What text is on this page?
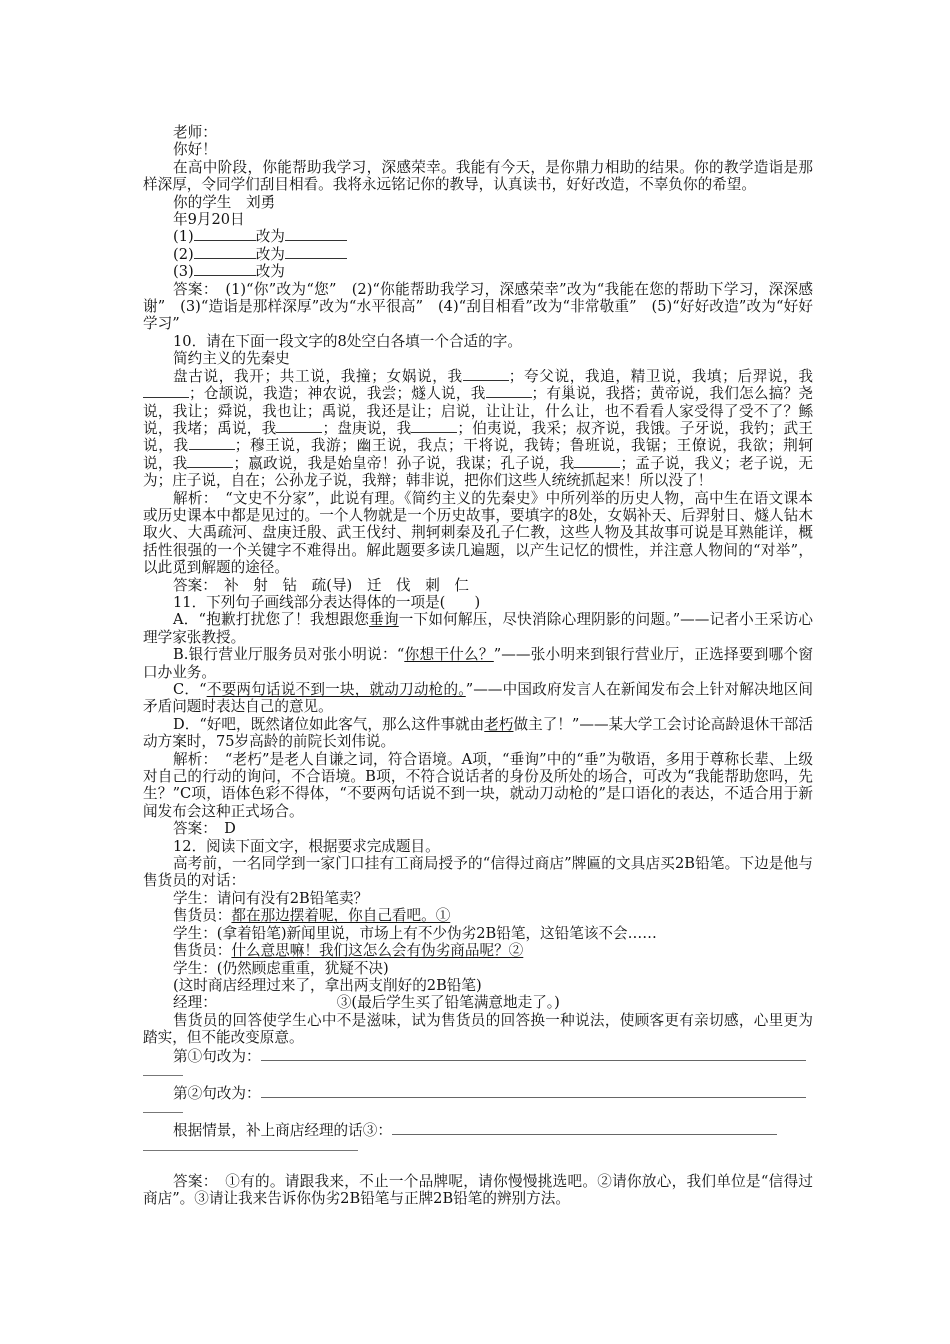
老师：

你好！

在高中阶段，你能帮助我学习，深感荣幸。我能有今天，是你鼎力相助的结果。你的教学造诣是那样深厚，令同学们刮目相看。我将永远铭记你的教导，认真读书，好好改造，不辜负你的希望。

你的学生　刘勇

年9月20日

(1)	改为

(2)	改为

(3)	改为

答案：　 (1)“你”改为“您”　(2)“你能帮助我学习，深感荣幸”改为“我能在您的帮助下学习，深深感谢”　(3)“造诣是那样深厚”改为“水平很高”　(4)“刮目相看”改为“非常敬重”　(5)“好好改造”改为“好好学习”

10．请在下面一段文字的8处空白各填一个合适的字。

简约主义的先秦史

盘古说，我开；共工说，我撞；女娲说，我	；夸父说，我追，精卫说，我填；后羿说，我；仓颉说，我造；神农说，我尝；燧人说，我	；有巢说，我搭；黄帝说，我们怎么搞？尧说，我让；舜说，我也让；禹说，我还是让；启说，让让让，什么让，也不看看人家受得了受不了？鲧说，我堵；禹说，我	；盘庚说，我	；伯夷说，我采；叔齐说，我饿。子牙说，我钓；武王说，我	；穆王说，我游；幽王说，我点；干将说，我铸；鲁班说，我锯；王僚说，我欲；荆轲说，我	；嬴政说，我是始皇帝！孙子说，我谋；孔子说，我	；孟子说，我义；老子说，无为；庄子说，自在；公孙龙子说，我辩；韩非说，把你们这些人统统抓起来！所以没了！

解析：　 “文史不分家”，此说有理。《简约主义的先秦史》中所列举的历史人物，高中生在语文课本或历史课本中都是见过的。一个人物就是一个历史故事，要填字的8处，女娲补天、后羿射日、燧人钻木取火、大禹疏河、盘庚迁殷、武王伐纣、荆轲刺秦及孔子仁教，这些人物及其故事可说是耳熟能详，概括性很强的一个关键字不难得出。解此题要多读几遍题，以产生记忆的惯性，并注意人物间的“对举”，以此觅到解题的途径。

答案：　 补　射　钻　疏(导)　迁　伐　刺　仁

11．下列句子画线部分表达得体的一项是(　　)

A．“抱歉打扰您了！我想跟您垂询一下如何解压，尽快消除心理阴影的问题。”——记者小王采访心理学家张教授。

B.银行营业厅服务员对张小明说：“你想干什么？”——张小明来到银行营业厅，正选择要到哪个窗口办业务。

C．“不要两句话说不到一块，就动刀动枪的。”——中国政府发言人在新闻发布会上针对解决地区间矛盾问题时表达自己的意见。

D．“好吧，既然诸位如此客气，那么这件事就由老朽做主了！”——某大学工会讨论高龄退休干部活动方案时，75岁高龄的前院长刘伟说。

解析：　 “老朽”是老人自谦之词，符合语境。A项，“垂询”中的“垂”为敬语，多用于尊称长辈、上级对自己的行动的询问，不合语境。B项，不符合说话者的身份及所处的场合，可改为“我能帮助您吗，先生？”C项，语体色彩不得体，“不要两句话说不到一块，就动刀动枪的”是口语化的表达，不适合用于新闻发布会这种正式场合。

答案：　 D

12．阅读下面文字，根据要求完成题目。

高考前，一名同学到一家门口挂有工商局授予的“信得过商店”牌匾的文具店买2B铅笔。下边是他与售货员的对话：

学生：请问有没有2B铅笔卖？

售货员：都在那边摆着呢，你自己看吧。①

学生：(拿着铅笔)新闻里说，市场上有不少伪劣2B铅笔，这铅笔该不会……

售货员：什么意思嘛！我们这怎么会有伪劣商品呢？②

学生：(仍然顾虑重重，犹疑不决)

(这时商店经理过来了，拿出两支削好的2B铅笔)

经理：	③(最后学生买了铅笔满意地走了。)

售货员的回答使学生心中不是滋味，试为售货员的回答换一种说法，使顾客更有亲切感，心里更为踏实，但不能改变原意。

第①句改为：

第②句改为：

根据情景，补上商店经理的话③：

答案：　 ①有的。请跟我来，不止一个品牌呢，请你慢慢挑选吧。②请你放心，我们单位是“信得过商店”。③请让我来告诉你伪劣2B铅笔与正牌2B铅笔的辨别方法。
